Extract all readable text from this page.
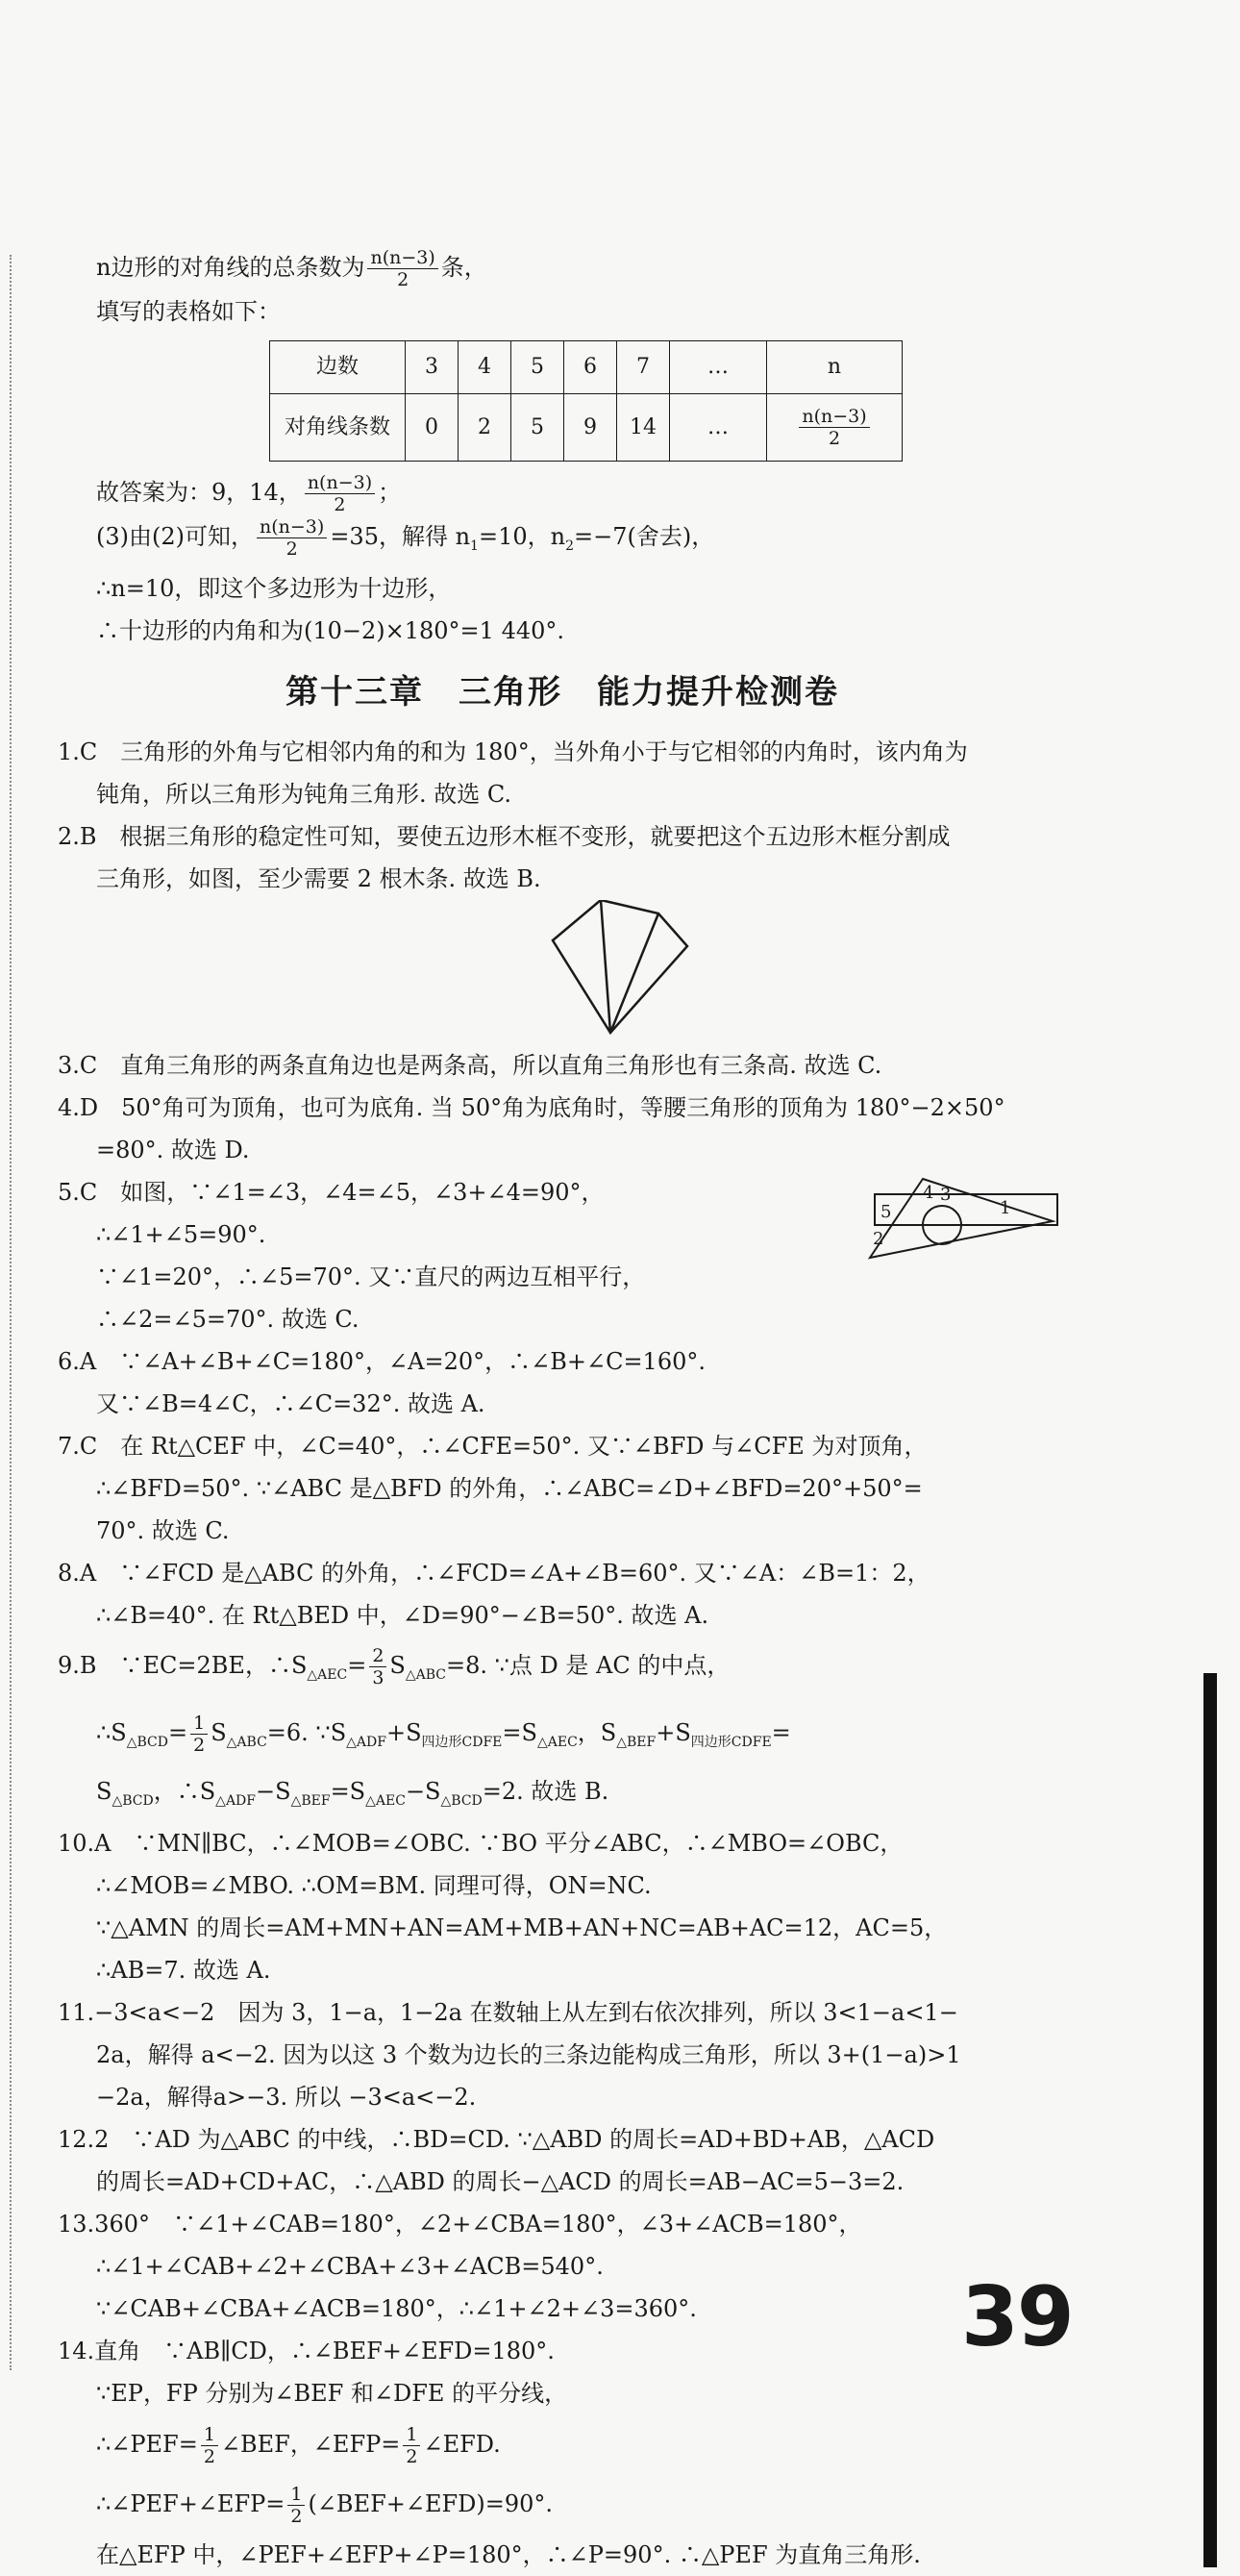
n边形的对角线的总条数为 $\frac{n(n-3)}{2}$ 条，
填写的表格如下：
边数	3	4	5	6	7	…	n
对角线条数	0	2	5	9	14	…	$\frac{n(n-3)}{2}$
故答案为：9，14， $\frac{n(n-3)}{2}$ ；
(3)由(2)可知， $\frac{n(n-3)}{2} =35$，解得 $n_1=10$，$n_2=-7$(舍去)，
∴n=10，即这个多边形为十边形，
∴十边形的内角和为(10−2)×180°=1 440°.
第十三章　三角形　能力提升检测卷
1.C　三角形的外角与它相邻内角的和为 180°，当外角小于与它相邻的内角时，该内角为
钝角，所以三角形为钝角三角形. 故选 C.
2.B　根据三角形的稳定性可知，要使五边形木框不变形，就要把这个五边形木框分割成
三角形，如图，至少需要 2 根木条. 故选 B.
3.C　直角三角形的两条直角边也是两条高，所以直角三角形也有三条高. 故选 C.
4.D　50°角可为顶角，也可为底角. 当 50°角为底角时，等腰三角形的顶角为 180°−2×50°
=80°. 故选 D.
5.C　如图，∵∠1=∠3，∠4=∠5，∠3+∠4=90°，
∴∠1+∠5=90°.
∵∠1=20°，∴∠5=70°. 又∵直尺的两边互相平行，
∴∠2=∠5=70°. 故选 C.
5
4 3
1
2
6.A　∵∠A+∠B+∠C=180°，∠A=20°，∴∠B+∠C=160°.
又∵∠B=4∠C，∴∠C=32°. 故选 A.
7.C　在 Rt△CEF 中，∠C=40°，∴∠CFE=50°. 又∵∠BFD 与∠CFE 为对顶角，
∴∠BFD=50°. ∵∠ABC 是△BFD 的外角，∴∠ABC=∠D+∠BFD=20°+50°=
70°. 故选 C.
8.A　∵∠FCD 是△ABC 的外角，∴∠FCD=∠A+∠B=60°. 又∵∠A：∠B=1：2，
∴∠B=40°. 在 Rt△BED 中，∠D=90°−∠B=50°. 故选 A.
9.B　∵EC=2BE，$\therefore S_{\triangle AEC}= \frac{2}{3} S_{\triangle ABC}=8$. ∵点 D 是 AC 的中点，
$\therefore S_{\triangle BCD}= \frac{1}{2} S_{\triangle ABC}=6$. $\because S_{\triangle ADF}+S_{四边形CDFE}=S_{\triangle AEC}$，$S_{\triangle BEF}+S_{四边形CDFE}=$
$S_{\triangle BCD}$，$\therefore S_{\triangle ADF}-S_{\triangle BEF}=S_{\triangle AEC}-S_{\triangle BCD}=2$. 故选 B.
10.A　∵MN∥BC，∴∠MOB=∠OBC. ∵BO 平分∠ABC，∴∠MBO=∠OBC，
∴∠MOB=∠MBO. ∴OM=BM. 同理可得，ON=NC.
∵△AMN 的周长=AM+MN+AN=AM+MB+AN+NC=AB+AC=12，AC=5，
∴AB=7. 故选 A.
11.−3<a<−2　因为 3，1−a，1−2a 在数轴上从左到右依次排列，所以 3<1−a<1−
2a，解得 a<−2. 因为以这 3 个数为边长的三条边能构成三角形，所以 3+(1−a)>1
−2a，解得a>−3. 所以 −3<a<−2.
12.2　∵AD 为△ABC 的中线，∴BD=CD. ∵△ABD 的周长=AD+BD+AB，△ACD
的周长=AD+CD+AC，∴△ABD 的周长−△ACD 的周长=AB−AC=5−3=2.
13.360°　∵∠1+∠CAB=180°，∠2+∠CBA=180°，∠3+∠ACB=180°，
∴∠1+∠CAB+∠2+∠CBA+∠3+∠ACB=540°.
∵∠CAB+∠CBA+∠ACB=180°，∴∠1+∠2+∠3=360°.
14.直角　∵AB∥CD，∴∠BEF+∠EFD=180°.
∵EP，FP 分别为∠BEF 和∠DFE 的平分线，
∴∠PEF= $\frac{1}{2}$ ∠BEF，∠EFP= $\frac{1}{2}$ ∠EFD.
∴∠PEF+∠EFP= $\frac{1}{2}$ (∠BEF+∠EFD)=90°.
在△EFP 中，∠PEF+∠EFP+∠P=180°，∴∠P=90°. ∴△PEF 为直角三角形.
39
